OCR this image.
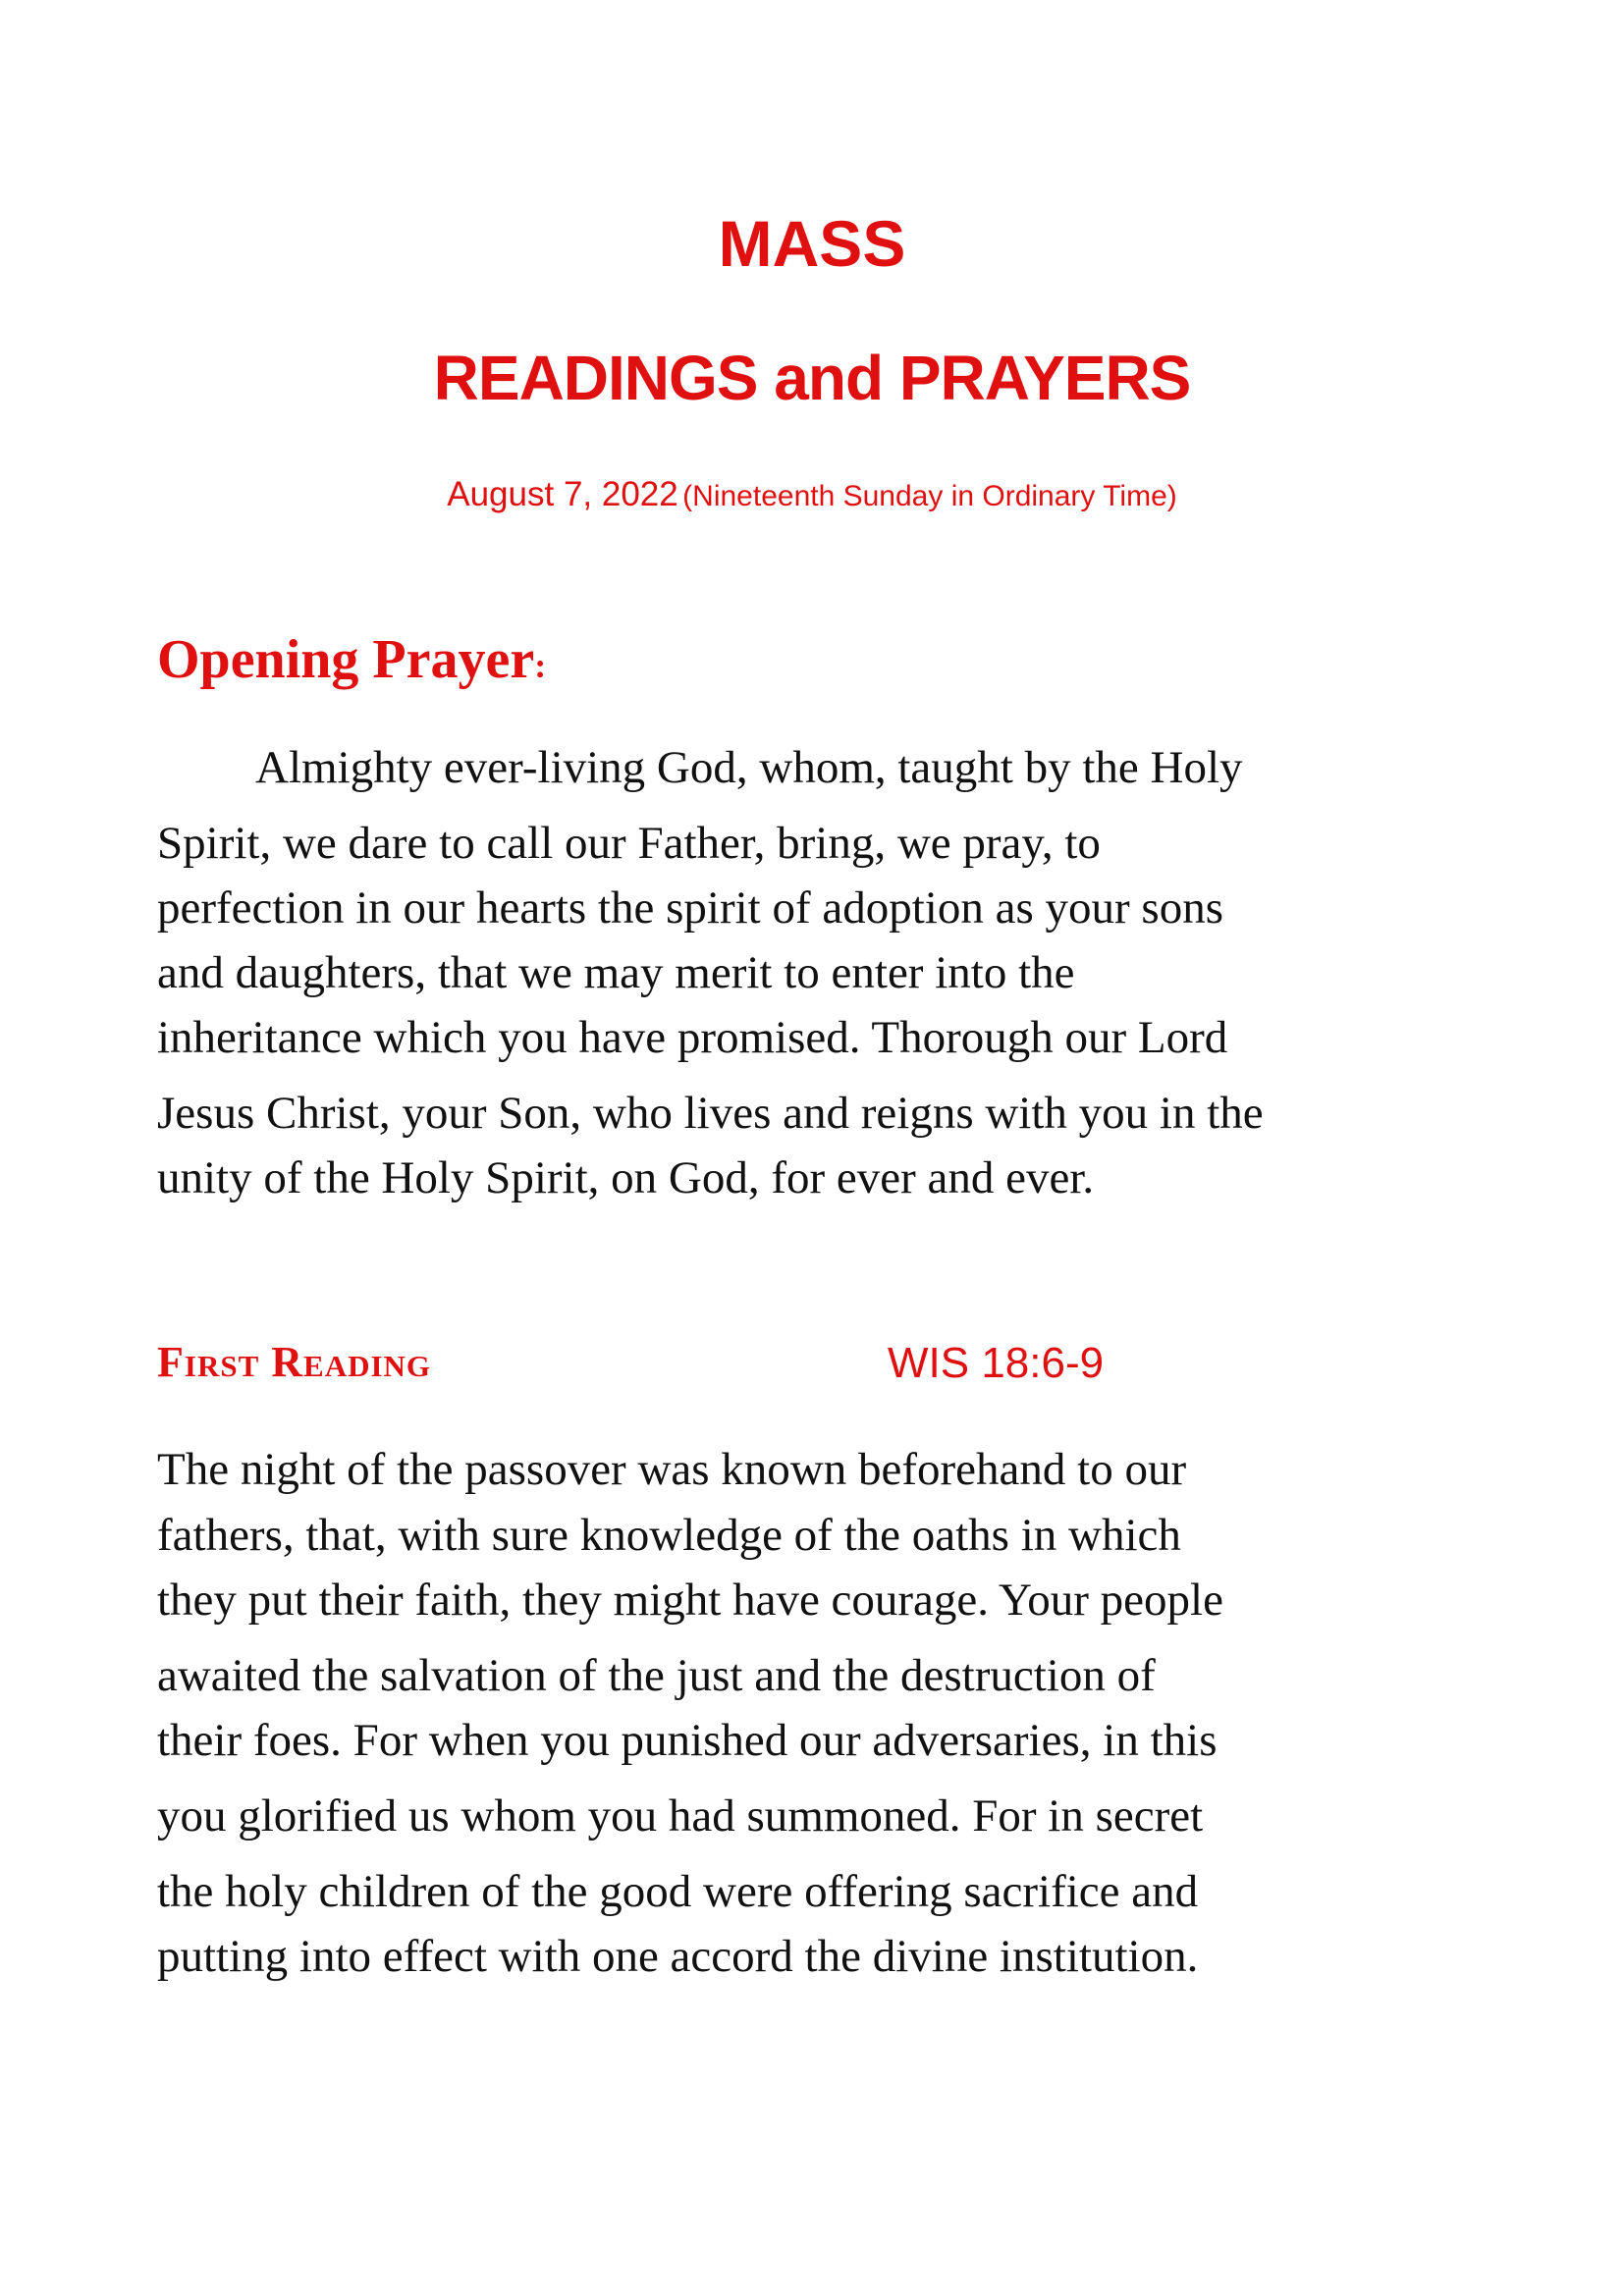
MASS
READINGS and PRAYERS
August 7, 2022 (Nineteenth Sunday in Ordinary Time)
Opening Prayer:
Almighty ever-living God, whom, taught by the Holy
Spirit, we dare to call our Father, bring, we pray, to
perfection in our hearts the spirit of adoption as your sons
and daughters, that we may merit to enter into the
inheritance which you have promised. Thorough our Lord
Jesus Christ, your Son, who lives and reigns with you in the
unity of the Holy Spirit, on God, for ever and ever.
First Reading	WIS 18:6-9
The night of the passover was known beforehand to our
fathers, that, with sure knowledge of the oaths in which
they put their faith, they might have courage. Your people
awaited the salvation of the just and the destruction of
their foes. For when you punished our adversaries, in this
you glorified us whom you had summoned. For in secret
the holy children of the good were offering sacrifice and
putting into effect with one accord the divine institution.
